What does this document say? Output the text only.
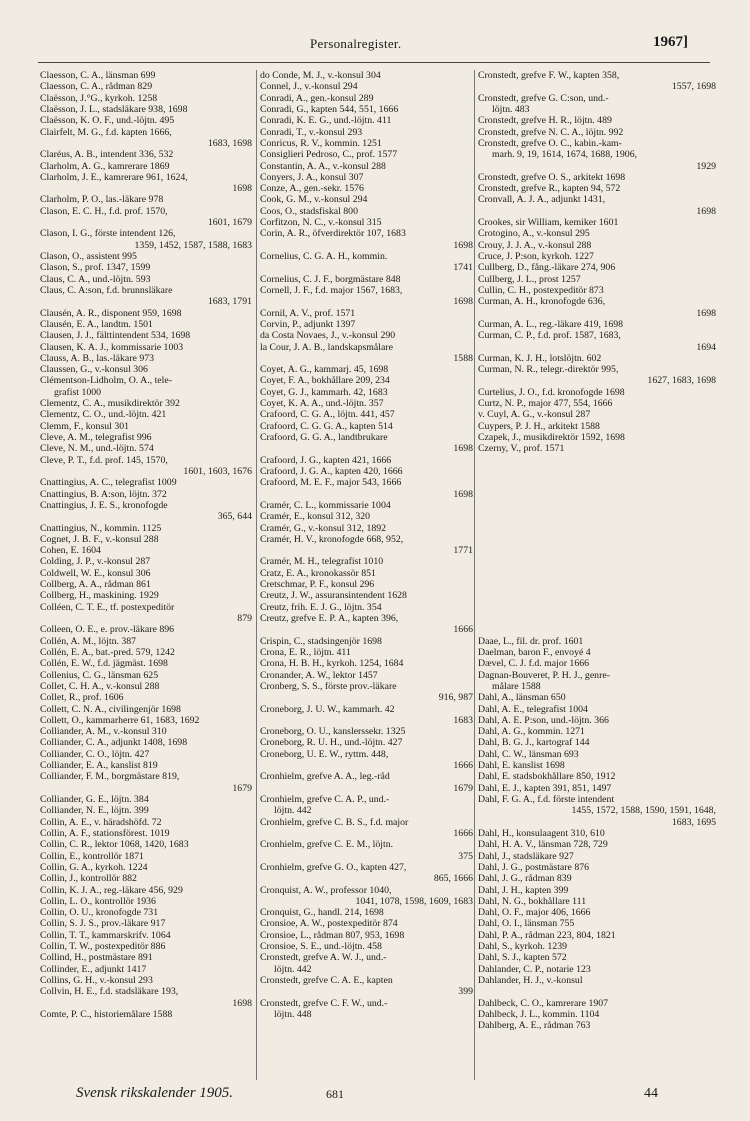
Personalregister.	1967]
Claesson, C. A., länsman 699
Claesson, C. A., rådman 829
Claësson, J.°G., kyrkoh. 1258
Claësson, J. L., stadsläkare 938, 1698
Claësson, K. O. F., und.-löjtn. 495
Clairfelt, M. G., f.d. kapten 1666,
1683, 1698
Claréus, A. B., intendent 336, 532
Clarholm, A. G., kamrerare 1869
Clarholm, J. E., kamrerare 961, 1624,
1698
Clarholm, P. O., las.-läkare 978
Clason, E. C. H., f.d. prof. 1570,
1601, 1679
Clason, I. G., förste intendent 126,
1359, 1452, 1587, 1588, 1683
Clason, O., assistent 995
Clason, S., prof. 1347, 1599
Claus, C. A., und.-löjtn. 593
Claus, C. A:son, f.d. brunnsläkare
1683, 1791
Clausén, A. R., disponent 959, 1698
Clausén, E. A., landtm. 1501
Clausen, J. J., fälttintendent 534, 1698
Clausen, K. A. J., kommissarie 1003
Clauss, A. B., las.-läkare 973
Claussen, G., v.-konsul 306
Clémentson-Lidholm, O. A., tele-
grafist 1000
Clementz, C. A., musikdirektör 392
Clementz, C. O., und.-löjtn. 421
Clemm, F., konsul 301
Cleve, A. M., telegrafist 996
Cleve, N. M., und.-löjtn. 574
Cleve, P. T., f.d. prof. 145, 1570,
1601, 1603, 1676
Cnattingius, A. C., telegrafist 1009
Cnattingius, B. A:son, löjtn. 372
Cnattingius, J. E. S., kronofogde
365, 644
Cnattingius, N., kommin. 1125
Cognet, J. B. F., v.-konsul 288
Cohen, E. 1604
Colding, J. P., v.-konsul 287
Coldwell, W. E., konsul 306
Collberg, A. A., rådman 861
Collberg, H., maskining. 1929
Colléen, C. T. E., tf. postexpeditör
879
Colleen, O. E., e. prov.-läkare 896
Collén, A. M., löjtn. 387
Collén, E. A., bat.-pred. 579, 1242
Collén, E. W., f.d. jägmäst. 1698
Collenius, C. G., länsman 625
Collet, C. H. A., v.-konsul 288
Collet, R., prof. 1606
Collett, C. N. A., civilingenjör 1698
Collett, O., kammarherre 61, 1683, 1692
Colliander, A. M., v.-konsul 310
Colliander, C. A., adjunkt 1408, 1698
Colliander, C. O., löjtn. 427
Colliander, E. A., kanslist 819
Colliander, F. M., borgmästare 819,
1679
Colliander, G. E., löjtn. 384
Colliander, N. E., löjtn. 399
Collin, A. E., v. häradshöfd. 72
Collin, A. F., stationsförest. 1019
Collin, C. R., lektor 1068, 1420, 1683
Collin, E., kontrollör 1871
Collin, G. A., kyrkoh. 1224
Collin, J., kontrollör 882
Collin, K. J. A., reg.-läkare 456, 929
Collin, L. O., kontrollör 1936
Collin, O. U., kronofogde 731
Collin, S. J. S., prov.-läkare 917
Collin, T. T., kammarskrifv. 1064
Collin, T. W., postexpeditör 886
Collind, H., postmästare 891
Collinder, E., adjunkt 1417
Collins, G. H., v.-konsul 293
Collvin, H. E., f.d. stadsläkare 193,
1698
Comte, P. C., historiemålare 1588
do Conde, M. J., v.-konsul 304
Connel, J., v.-konsul 294
Conradi, A., gen.-konsul 289
Conradi, G., kapten 544, 551, 1666
Conradi, K. E. G., und.-löjtn. 411
Conradi, T., v.-konsul 293
Conricus, R. V., kommin. 1251
Consiglieri Pedroso, C., prof. 1577
Constantin, A. A., v.-konsul 288
Conyers, J. A., konsul 307
Conze, A., gen.-sekr. 1576
Cook, G. M., v.-konsul 294
Coos, O., stadsfiskal 800
Corfitzon, N. C., v.-konsul 315
Corin, A. R., öfverdirektör 107, 1683
1698
Cornelius, C. G. A. H., kommin.
1741
Cornelius, C. J. F., borgmästare 848
Cornell, J. F., f.d. major 1567, 1683,
1698
Cornil, A. V., prof. 1571
Corvin, P., adjunkt 1397
da Costa Novaes, J., v.-konsul 290
la Cour, J. A. B., landskapsmålare
1588
Coyet, A. G., kammarj. 45, 1698
Coyet, F. A., bokhållare 209, 234
Coyet, G. J., kammarh. 42, 1683
Coyet, K. A. A., und.-löjtn. 357
Crafoord, C. G. A., löjtn. 441, 457
Crafoord, C. G. G. A., kapten 514
Crafoord, G. G. A., landtbrukare
1698
Crafoord, J. G., kapten 421, 1666
Crafoord, J. G. A., kapten 420, 1666
Crafoord, M. E. F., major 543, 1666
1698
Cramér, C. L., kommissarie 1004
Cramér, E., konsul 312, 320
Cramér, G., v.-konsul 312, 1892
Cramér, H. V., kronofogde 668, 952,
1771
Cramér, M. H., telegrafist 1010
Cratz, E. A., kronokassör 851
Cretschmar, P. F., konsul 296
Creutz, J. W., assuransintendent 1628
Creutz, frih. E. J. G., löjtn. 354
Creutz, grefve E. P. A., kapten 396,
1666
Crispin, C., stadsingenjör 1698
Crona, E. R., löjtn. 411
Crona, H. B. H., kyrkoh. 1254, 1684
Cronander, A. W., lektor 1457
Cronberg, S. S., förste prov.-läkare
916, 987
Croneborg, J. U. W., kammarh. 42
1683
Croneborg, O. U., kanslerssekr. 1325
Croneborg, R. U. H., und.-löjtn. 427
Croneborg, U. E. W., ryttm. 448,
1666
Cronhielm, grefve A. A., leg.-råd
1679
Cronhielm, grefve C. A. P., und.-
löjtn. 442
Cronhielm, grefve C. B. S., f.d. major
1666
Cronhielm, grefve C. E. M., löjtn.
375
Cronhielm, grefve G. O., kapten 427,
865, 1666
Cronquist, A. W., professor 1040,
1041, 1078, 1598, 1609, 1683
Cronquist, G., handl. 214, 1698
Cronsioe, A. W., postexpeditör 874
Cronsioe, L., rådman 807, 953, 1698
Cronsioe, S. E., und.-löjtn. 458
Cronstedt, grefve A. W. J., und.-
löjtn. 442
Cronstedt, grefve C. A. E., kapten
399
Cronstedt, grefve C. F. W., und.-
löjtn. 448
Cronstedt, grefve F. W., kapten 358,
1557, 1698
Cronstedt, grefve G. C:son, und.-
löjtn. 483
Cronstedt, grefve H. R., löjtn. 489
Cronstedt, grefve N. C. A., löjtn. 992
Cronstedt, grefve O. C., kabin.-kam-
marh. 9, 19, 1614, 1674, 1688, 1906,
1929
Cronstedt, grefve O. S., arkitekt 1698
Cronstedt, grefve R., kapten 94, 572
Cronvall, A. J. A., adjunkt 1431,
1698
Crookes, sir William, kemiker 1601
Crotogino, A., v.-konsul 295
Crouy, J. J. A., v.-konsul 288
Cruce, J. P:son, kyrkoh. 1227
Cullberg, D., fång.-läkare 274, 906
Cullberg, J. L., prost 1257
Cullin, C. H., postexpeditör 873
Curman, A. H., kronofogde 636,
1698
Curman, A. L., reg.-läkare 419, 1698
Curman, C. P., f.d. prof. 1587, 1683,
1694
Curman, K. J. H., lotslöjtn. 602
Curman, N. R., telegr.-direktör 995,
1627, 1683, 1698
Curtelius, J. O., f.d. kronofogde 1698
Curtz, N. P., major 477, 554, 1666
v. Cuyl, A. G., v.-konsul 287
Cuypers, P. J. H., arkitekt 1588
Czapek, J., musikdirektör 1592, 1698
Czerny, V., prof. 1571
Daae, L., fil. dr. prof. 1601
Daelman, baron F., envoyé 4
Dævel, C. J. f.d. major 1666
Dagnan-Bouveret, P. H. J., genre-
målare 1588
Dahl, A., länsman 650
Dahl, A. E., telegrafist 1004
Dahl, A. E. P:son, und.-löjtn. 366
Dahl, A. G., kommin. 1271
Dahl, B. G. J., kartograf 144
Dahl, C. W., länsman 693
Dahl, E. kanslist 1698
Dahl, E. stadsbokhållare 850, 1912
Dahl, E. J., kapten 391, 851, 1497
Dahl, F. G. A., f.d. förste intendent
1455, 1572, 1588, 1590, 1591, 1648,
1683, 1695
Dahl, H., konsulaagent 310, 610
Dahl, H. A. V., länsman 728, 729
Dahl, J., stadsläkare 927
Dahl, J. G., postmästare 876
Dahl, J. G., rådman 839
Dahl, J. H., kapten 399
Dahl, N. G., bokhållare 111
Dahl, O. F., major 406, 1666
Dahl, O. I., länsman 755
Dahl, P. A., rådman 223, 804, 1821
Dahl, S., kyrkoh. 1239
Dahl, S. J., kapten 572
Dahlander, C. P., notarie 123
Dahlander, H. J., v.-konsul
Dahlbeck, C. O., kamrerare 1907
Dahlbeck, J. L., kommin. 1104
Dahlberg, A. E., rådman 763
Svensk rikskalender 1905.	681	44
